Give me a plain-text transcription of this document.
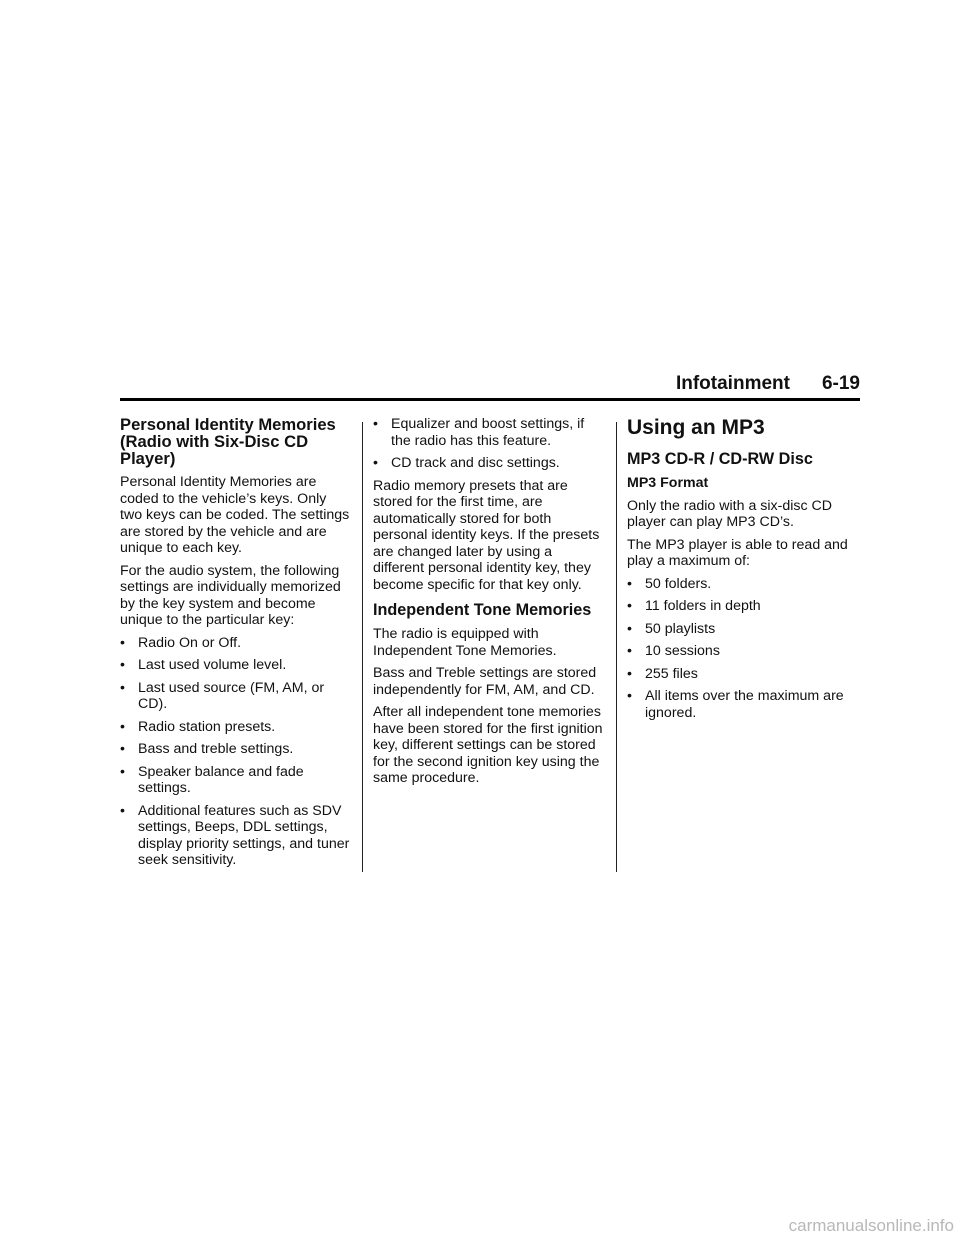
Infotainment 6-19
Personal Identity Memories (Radio with Six-Disc CD Player)

Personal Identity Memories are coded to the vehicle’s keys. Only two keys can be coded. The settings are stored by the vehicle and are unique to each key.

For the audio system, the following settings are individually memorized by the key system and become unique to the particular key:

• Radio On or Off.
• Last used volume level.
• Last used source (FM, AM, or CD).
• Radio station presets.
• Bass and treble settings.
• Speaker balance and fade settings.
• Additional features such as SDV settings, Beeps, DDL settings, display priority settings, and tuner seek sensitivity.
• Equalizer and boost settings, if the radio has this feature.
• CD track and disc settings.

Radio memory presets that are stored for the first time, are automatically stored for both personal identity keys. If the presets are changed later by using a different personal identity key, they become specific for that key only.

Independent Tone Memories

The radio is equipped with Independent Tone Memories.

Bass and Treble settings are stored independently for FM, AM, and CD.

After all independent tone memories have been stored for the first ignition key, different settings can be stored for the second ignition key using the same procedure.

Using an MP3
MP3 CD-R / CD-RW Disc
MP3 Format

Only the radio with a six-disc CD player can play MP3 CD’s.

The MP3 player is able to read and play a maximum of:

• 50 folders.
• 11 folders in depth
• 50 playlists
• 10 sessions
• 255 files
• All items over the maximum are ignored.
carmanualsonline.info
